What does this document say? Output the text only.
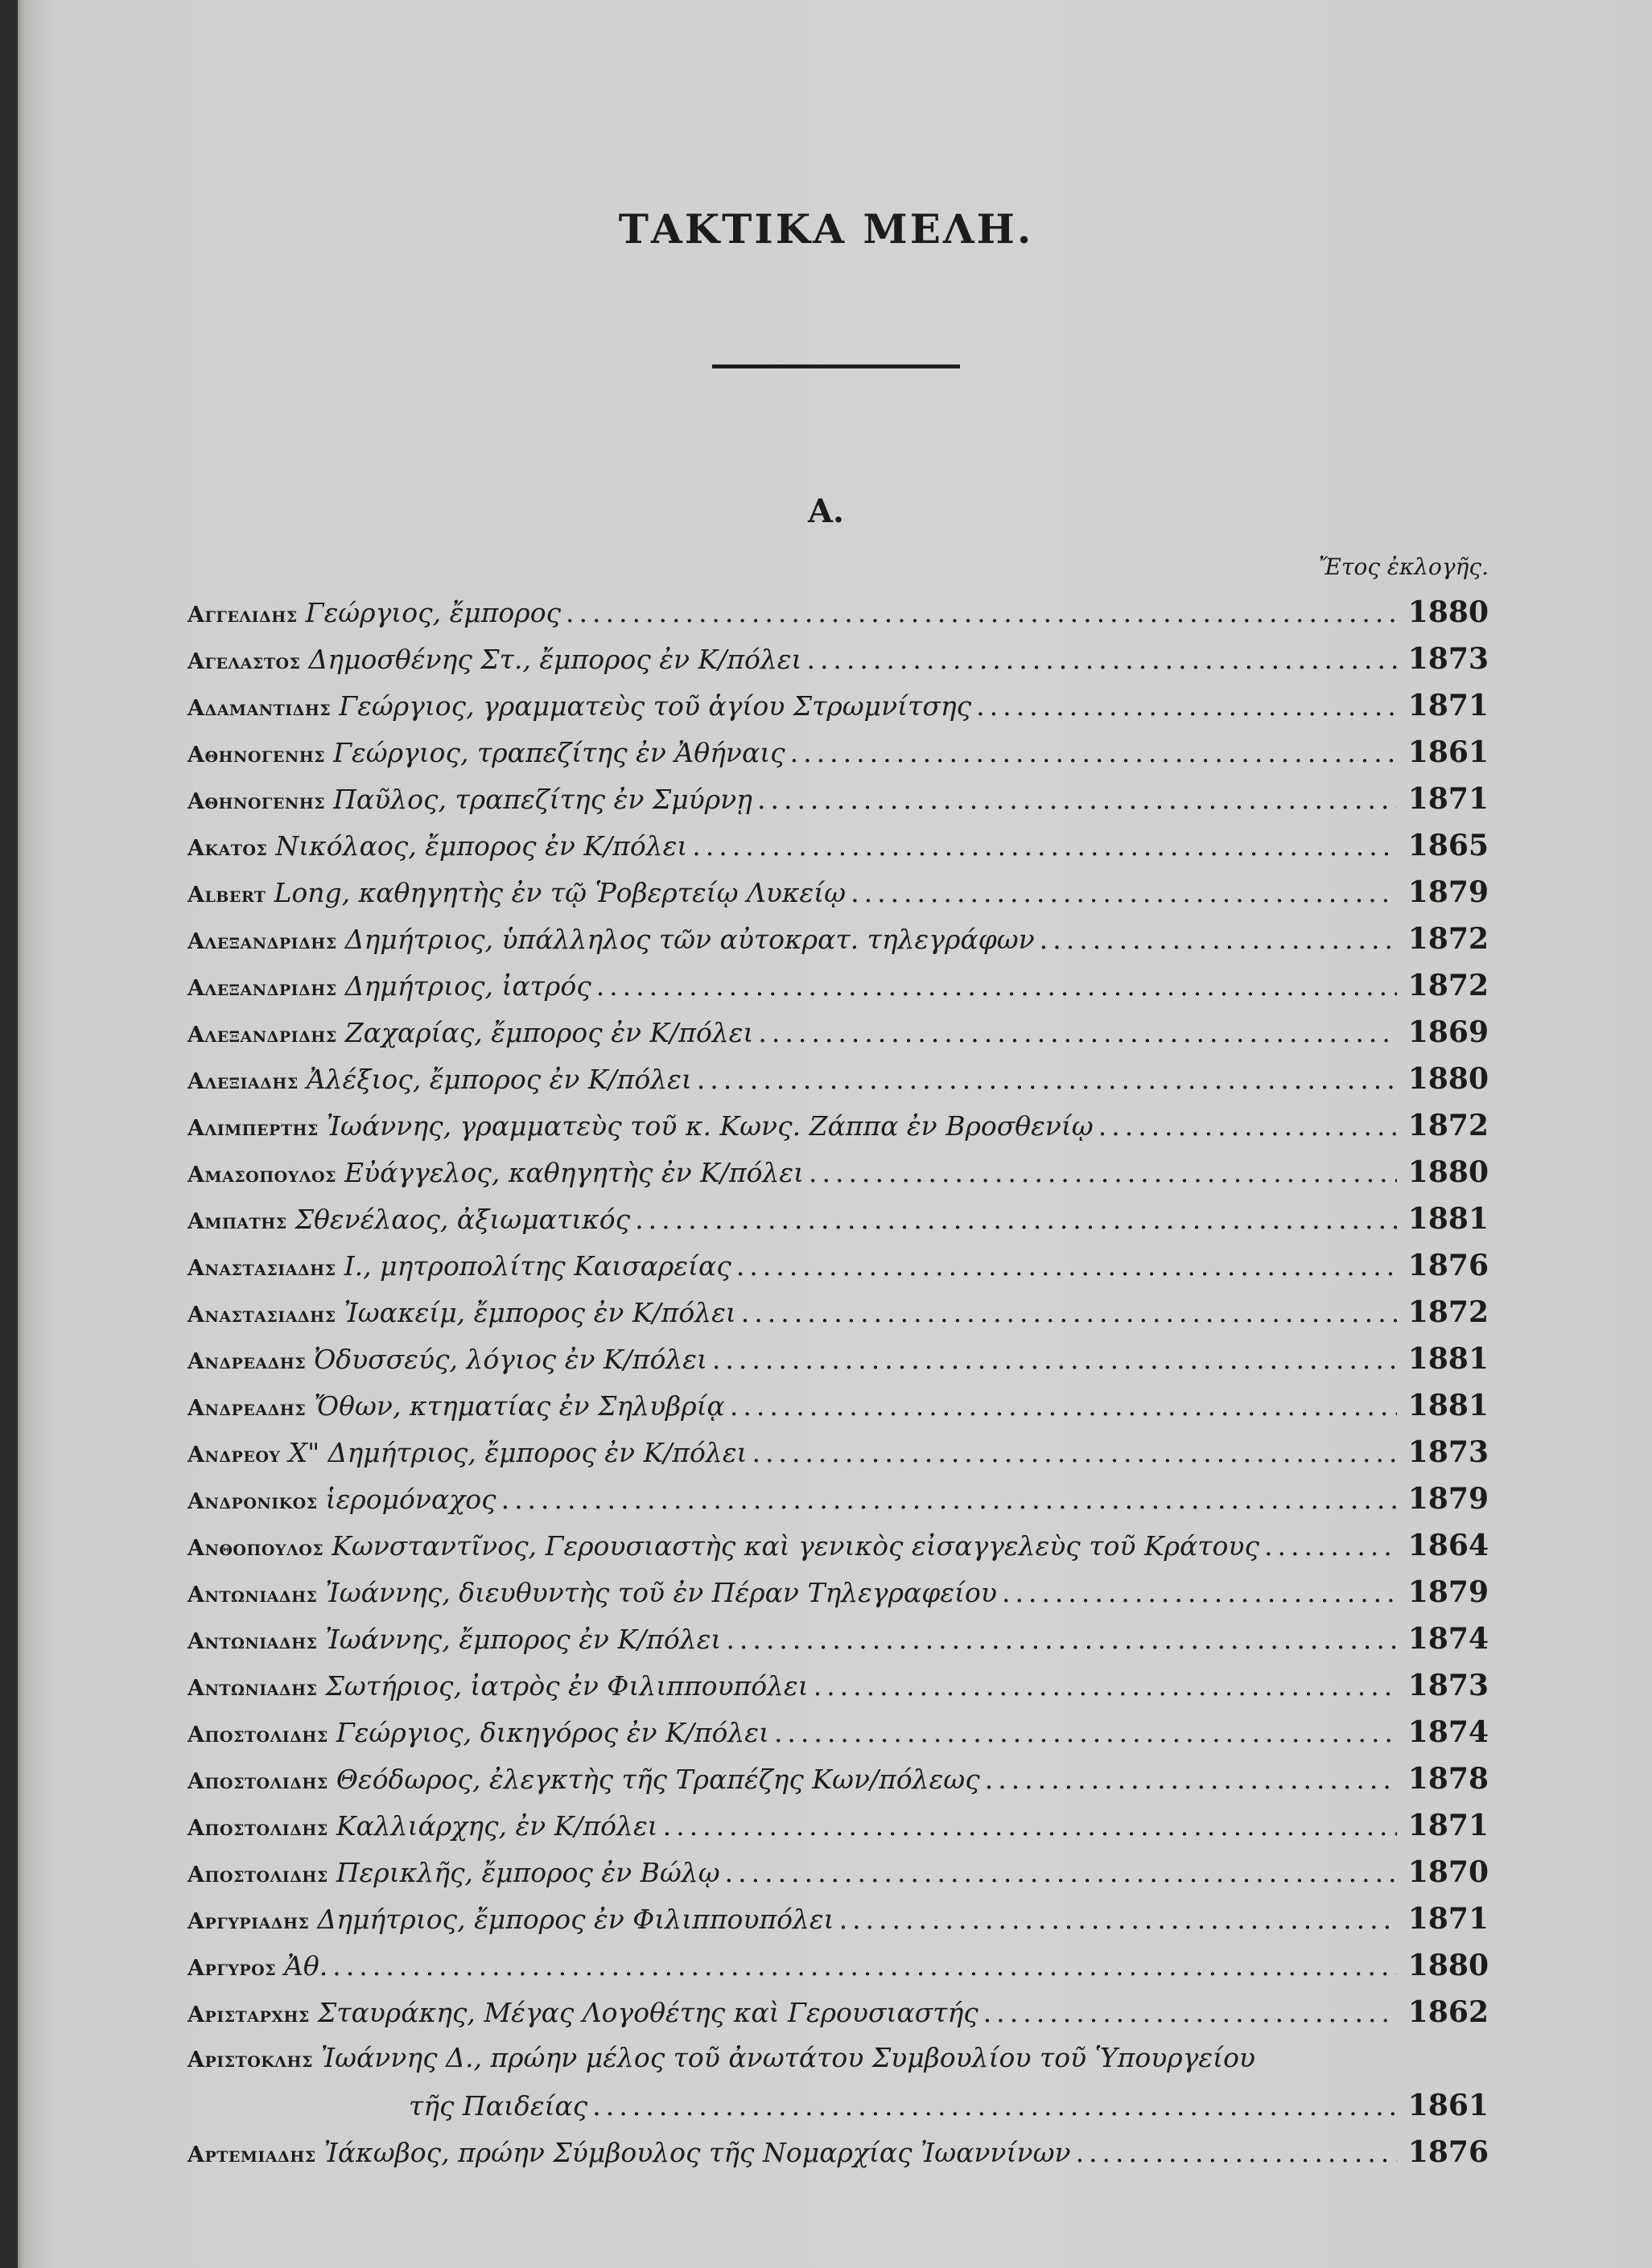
ΤΑΚΤΙΚΑ ΜΕΛΗ.
A.
Ἔτος ἐκλογῆς.
Αγγελιδης Γεώργιος, ἔμπορος .....	1880
Αγελαστος Δημοσθένης Στ., ἔμπορος ἐν Κ/πόλει .....	1873
Αδαμαντιδης Γεώργιος, γραμματεὺς τοῦ ἁγίου Στρωμνίτσης .....	1871
Αθηνογενης Γεώργιος, τραπεζίτης ἐν Ἀθήναις .....	1861
Αθηνογενης Παῦλος, τραπεζίτης ἐν Σμύρνῃ .....	1871
Ακατος Νικόλαος, ἔμπορος ἐν Κ/πόλει .....	1865
Albert Long, καθηγητὴς ἐν τῷ Ῥοβερτείῳ Λυκείῳ .....	1879
Αλεξανδριδης Δημήτριος, ὑπάλληλος τῶν αὐτοκρατ. τηλεγράφων .....	1872
Αλεξανδριδης Δημήτριος, ἰατρός .....	1872
Αλεξανδριδης Ζαχαρίας, ἔμπορος ἐν Κ/πόλει .....	1869
Αλεξιαδης Ἀλέξιος, ἔμπορος ἐν Κ/πόλει .....	1880
Αλιμπερτης Ἰωάννης, γραμματεὺς τοῦ κ. Κωνς. Ζάππα ἐν Βροσθενίῳ .....	1872
Αμασοπουλος Εὐάγγελος, καθηγητὴς ἐν Κ/πόλει .....	1880
Αμπατης Σθενέλαος, ἀξιωματικός .....	1881
Αναστασιαδης Ι., μητροπολίτης Καισαρείας .....	1876
Αναστασιαδης Ἰωακείμ, ἔμπορος ἐν Κ/πόλει .....	1872
Ανδρεαδης Ὀδυσσεύς, λόγιος ἐν Κ/πόλει .....	1881
Ανδρεαδης Ὄθων, κτηματίας ἐν Σηλυβρίᾳ .....	1881
Ανδρεου Χ" Δημήτριος, ἔμπορος ἐν Κ/πόλει .....	1873
Ανδρονικος ἱερομόναχος .....	1879
Ανθοπουλος Κωνσταντῖνος, Γερουσιαστὴς καὶ γενικὸς εἰσαγγελεὺς τοῦ Κράτους .....	1864
Αντωνιαδης Ἰωάννης, διευθυντὴς τοῦ ἐν Πέραν Τηλεγραφείου .....	1879
Αντωνιαδης Ἰωάννης, ἔμπορος ἐν Κ/πόλει .....	1874
Αντωνιαδης Σωτήριος, ἰατρὸς ἐν Φιλιππουπόλει .....	1873
Αποστολιδης Γεώργιος, δικηγόρος ἐν Κ/πόλει .....	1874
Αποστολιδης Θεόδωρος, ἐλεγκτὴς τῆς Τραπέζης Κων/πόλεως .....	1878
Αποστολιδης Καλλιάρχης, ἐν Κ/πόλει .....	1871
Αποστολιδης Περικλῆς, ἔμπορος ἐν Βώλῳ .....	1870
Αργυριαδης Δημήτριος, ἔμπορος ἐν Φιλιππουπόλει .....	1871
Αργυρος Ἀθ. .....	1880
Αρισταρχης Σταυράκης, Μέγας Λογοθέτης καὶ Γερουσιαστής .....	1862
Αριστοκλης Ἰωάννης Δ., πρώην μέλος τοῦ ἀνωτάτου Συμβουλίου τοῦ Ὑπουργείου
τῆς Παιδείας .....	1861
Αρτεμιαδης Ἰάκωβος, πρώην Σύμβουλος τῆς Νομαρχίας Ἰωαννίνων .....	1876
